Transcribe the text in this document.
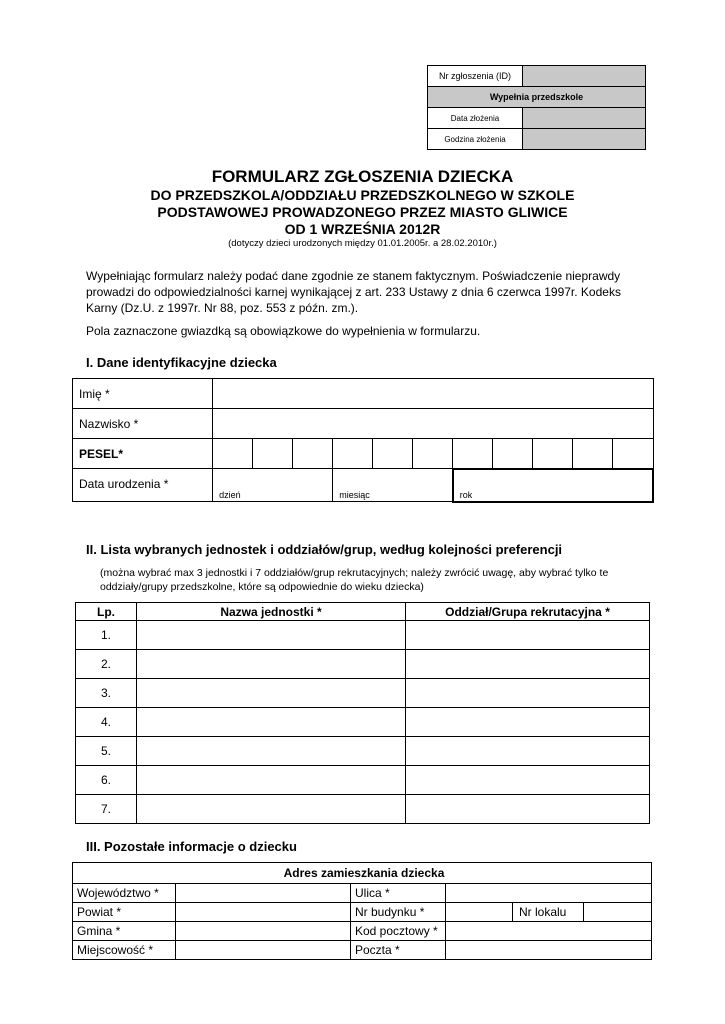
Nr zgłoszenia (ID)	
Wypełnia przedszkole	
Data złożenia	
Godzina złożenia	
FORMULARZ ZGŁOSZENIA DZIECKA
DO PRZEDSZKOLA/ODDZIAŁU PRZEDSZKOLNEGO W SZKOLE
PODSTAWOWEJ PROWADZONEGO PRZEZ MIASTO GLIWICE
OD 1 WRZEŚNIA 2012R
(dotyczy dzieci urodzonych między 01.01.2005r. a 28.02.2010r.)

Wypełniając formularz należy podać dane zgodnie ze stanem faktycznym. Poświadczenie nieprawdy prowadzi do odpowiedzialności karnej wynikającej z art. 233 Ustawy z dnia 6 czerwca 1997r. Kodeks Karny (Dz.U. z 1997r. Nr 88, poz. 553 z późn. zm.).

Pola zaznaczone gwiazdką są obowiązkowe do wypełnienia w formularzu.

I. Dane identyfikacyjne dziecka
Imię *											
Nazwisko *											
PESEL*											
Data urodzenia *	dzień			miesiąc			rok				
II. Lista wybranych jednostek i oddziałów/grup, według kolejności preferencji
(można wybrać max 3 jednostki i 7 oddziałów/grup rekrutacyjnych; należy zwrócić uwagę, aby wybrać tylko te oddziały/grupy przedszkolne, które są odpowiednie do wieku dziecka)
Lp.	Nazwa jednostki *	Oddział/Grupa rekrutacyjna *
1.		
2.		
3.		
4.		
5.		
6.		
7.		
III. Pozostałe informacje o dziecku
Adres zamieszkania dziecka
Województwo *		Ulica *	
Powiat *		Nr budynku *			Nr lokalu	

Gmina *		Kod pocztowy *	
Miejscowość *		Poczta *	
